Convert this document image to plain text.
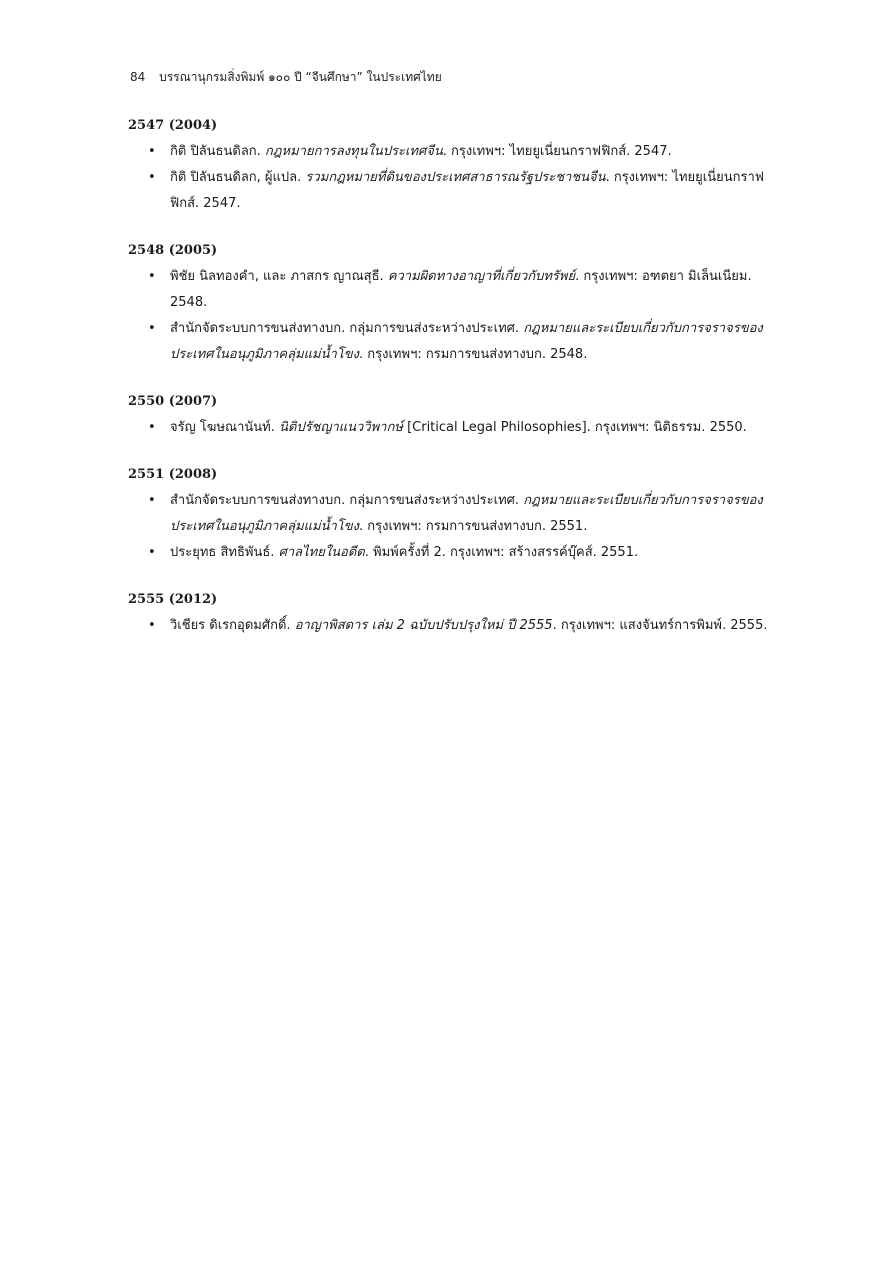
84 บรรณานุกรมสิ่งพิมพ์ ๑๐๐ ปี “จีนศึกษา” ในประเทศไทย
2547 (2004)
• กิติ ปิลันธนดิลก. กฎหมายการลงทุนในประเทศจีน. กรุงเทพฯ: ไทยยูเนี่ยนกราฟฟิกส์. 2547.
• กิติ ปิลันธนดิลก, ผู้แปล. รวมกฎหมายที่ดินของประเทศสาธารณรัฐประชาชนจีน. กรุงเทพฯ: ไทยยูเนี่ยนกราฟฟิกส์. 2547.
2548 (2005)
• พิชัย นิลทองคำ, และ ภาสกร ญาณสุธี. ความผิดทางอาญาที่เกี่ยวกับทรัพย์. กรุงเทพฯ: อฑตยา มิเล็นเนียม. 2548.
• สำนักจัดระบบการขนส่งทางบก. กลุ่มการขนส่งระหว่างประเทศ. กฎหมายและระเบียบเกี่ยวกับการจราจรของประเทศในอนุภูมิภาคลุ่มแม่น้ำโขง. กรุงเทพฯ: กรมการขนส่งทางบก. 2548.
2550 (2007)
• จรัญ โฆษณานันท์. นิติปรัชญาแนววิพากษ์ [Critical Legal Philosophies]. กรุงเทพฯ: นิติธรรม. 2550.
2551 (2008)
• สำนักจัดระบบการขนส่งทางบก. กลุ่มการขนส่งระหว่างประเทศ. กฎหมายและระเบียบเกี่ยวกับการจราจรของประเทศในอนุภูมิภาคลุ่มแม่น้ำโขง. กรุงเทพฯ: กรมการขนส่งทางบก. 2551.
• ประยุทธ สิทธิพันธ์. ศาลไทยในอดีต. พิมพ์ครั้งที่ 2. กรุงเทพฯ: สร้างสรรค์บุ๊คส์. 2551.
2555 (2012)
• วิเชียร ดิเรกอุดมศักดิ์. อาญาพิสดาร เล่ม 2 ฉบับปรับปรุงใหม่ ปี 2555. กรุงเทพฯ: แสงจันทร์การพิมพ์. 2555.
